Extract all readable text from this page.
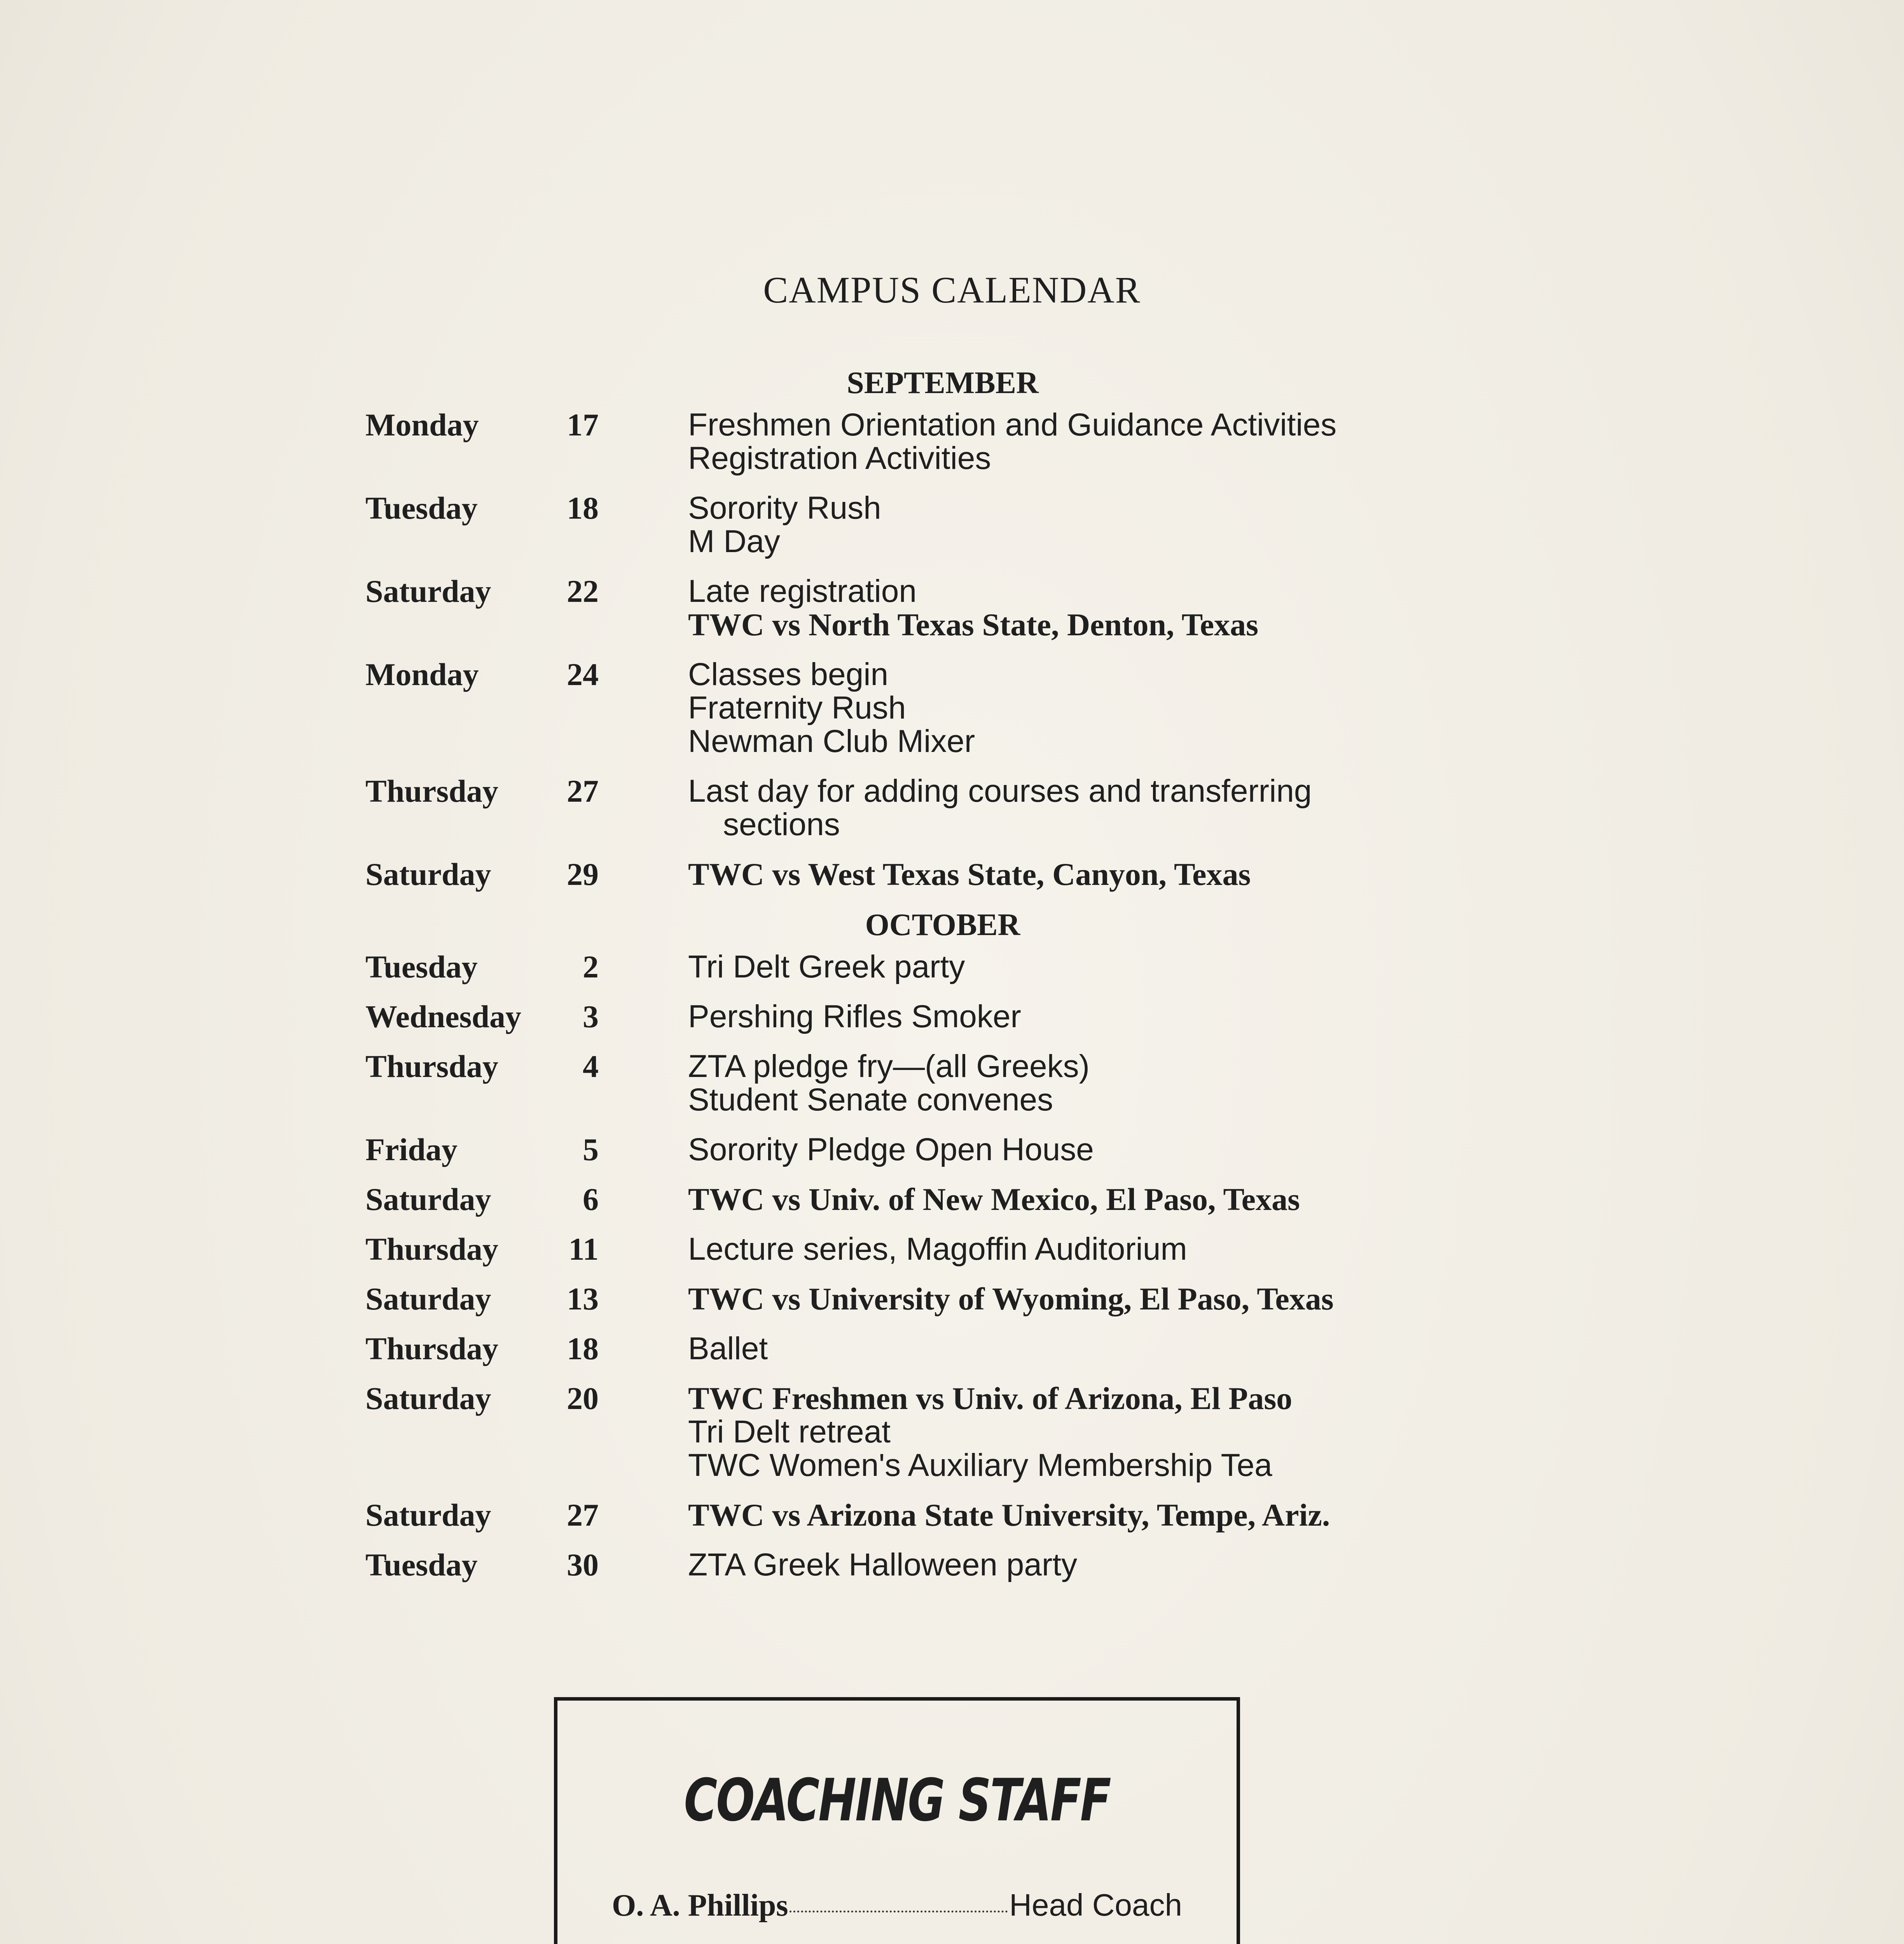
CAMPUS CALENDAR
SEPTEMBER
Monday	17	Freshmen Orientation and Guidance Activities
Registration Activities
Tuesday	18	Sorority Rush
M Day
Saturday	22	Late registration
TWC vs North Texas State, Denton, Texas
Monday	24	Classes begin
Fraternity Rush
Newman Club Mixer
Thursday	27	Last day for adding courses and transferring
sections
Saturday	29	TWC vs West Texas State, Canyon, Texas
OCTOBER
Tuesday	2	Tri Delt Greek party
Wednesday	3	Pershing Rifles Smoker
Thursday	4	ZTA pledge fry—(all Greeks)
Student Senate convenes
Friday	5	Sorority Pledge Open House
Saturday	6	TWC vs Univ. of New Mexico, El Paso, Texas
Thursday	11	Lecture series, Magoffin Auditorium
Saturday	13	TWC vs University of Wyoming, El Paso, Texas
Thursday	18	Ballet
Saturday	20	TWC Freshmen vs Univ. of Arizona, El Paso
Tri Delt retreat
TWC Women's Auxiliary Membership Tea
Saturday	27	TWC vs Arizona State University, Tempe, Ariz.
Tuesday	30	ZTA Greek Halloween party
COACHING STAFF
O. A. Phillips	Head Coach
